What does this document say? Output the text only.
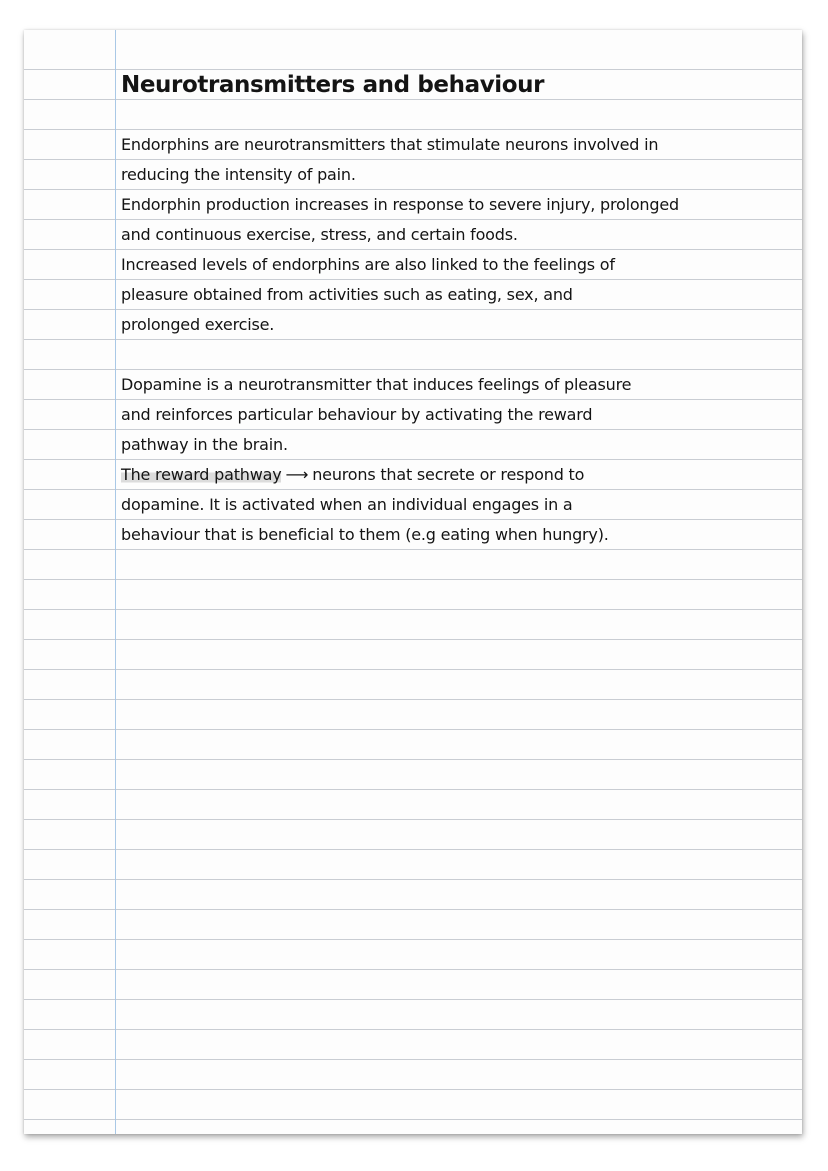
Neurotransmitters and behaviour

Endorphins are neurotransmitters that stimulate neurons involved in
reducing the intensity of pain.
Endorphin production increases in response to severe injury, prolonged
and continuous exercise, stress, and certain foods.
Increased levels of endorphins are also linked to the feelings of
pleasure obtained from activities such as eating, sex, and
prolonged exercise.

Dopamine is a neurotransmitter that induces feelings of pleasure
and reinforces particular behaviour by activating the reward
pathway in the brain.
The reward pathway ⟶ neurons that secrete or respond to
dopamine. It is activated when an individual engages in a
behaviour that is beneficial to them (e.g eating when hungry).
